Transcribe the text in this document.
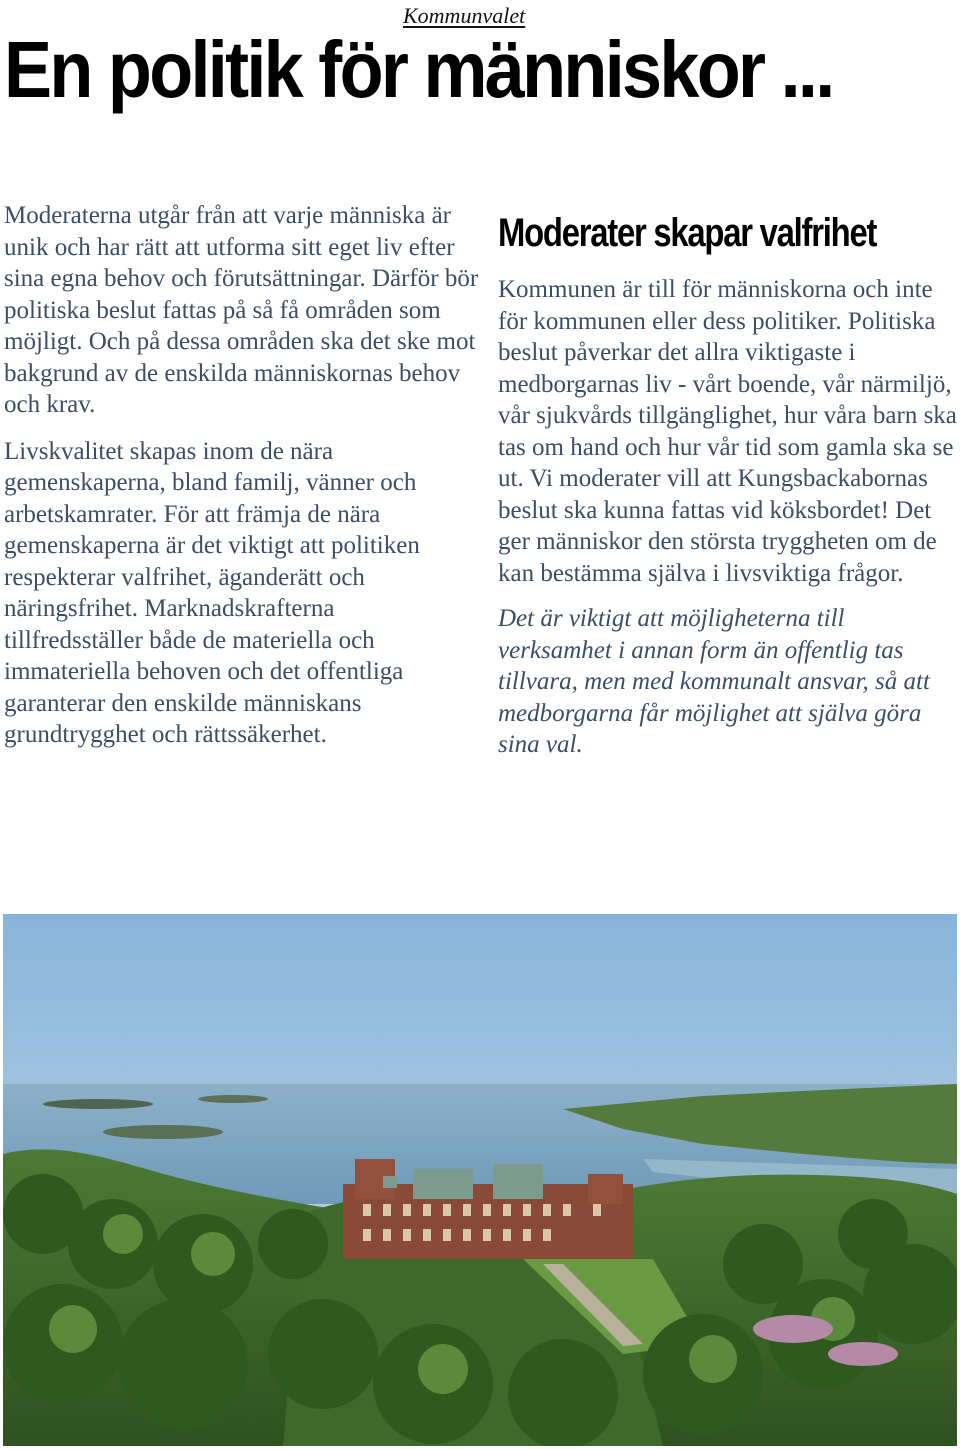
Kommunvalet
En politik för människor ...

Moderaterna utgår från att varje människa är unik och har rätt att utforma sitt eget liv efter sina egna behov och förutsättningar. Därför bör politiska beslut fattas på så få områden som möjligt. Och på dessa områden ska det ske mot bakgrund av de enskilda människornas behov och krav.

Livskvalitet skapas inom de nära gemenskaperna, bland familj, vänner och arbetskamrater. För att främja de nära gemenskaperna är det viktigt att politiken respekterar valfrihet, äganderätt och näringsfrihet. Marknadskrafterna tillfredsställer både de materiella och immateriella behoven och det offentliga garanterar den enskilde människans grundtrygghet och rättssäkerhet.

Moderater skapar valfrihet

Kommunen är till för människorna och inte för kommunen eller dess politiker. Politiska beslut påverkar det allra viktigaste i medborgarnas liv - vårt boende, vår närmiljö, vår sjukvårds tillgänglighet, hur våra barn ska tas om hand och hur vår tid som gamla ska se ut. Vi moderater vill att Kungsbackabornas beslut ska kunna fattas vid köksbordet! Det ger människor den största tryggheten om de kan bestämma själva i livsviktiga frågor.

Det är viktigt att möjligheterna till verksamhet i annan form än offentlig tas tillvara, men med kommunalt ansvar, så att medborgarna får möjlighet att själva göra sina val.
